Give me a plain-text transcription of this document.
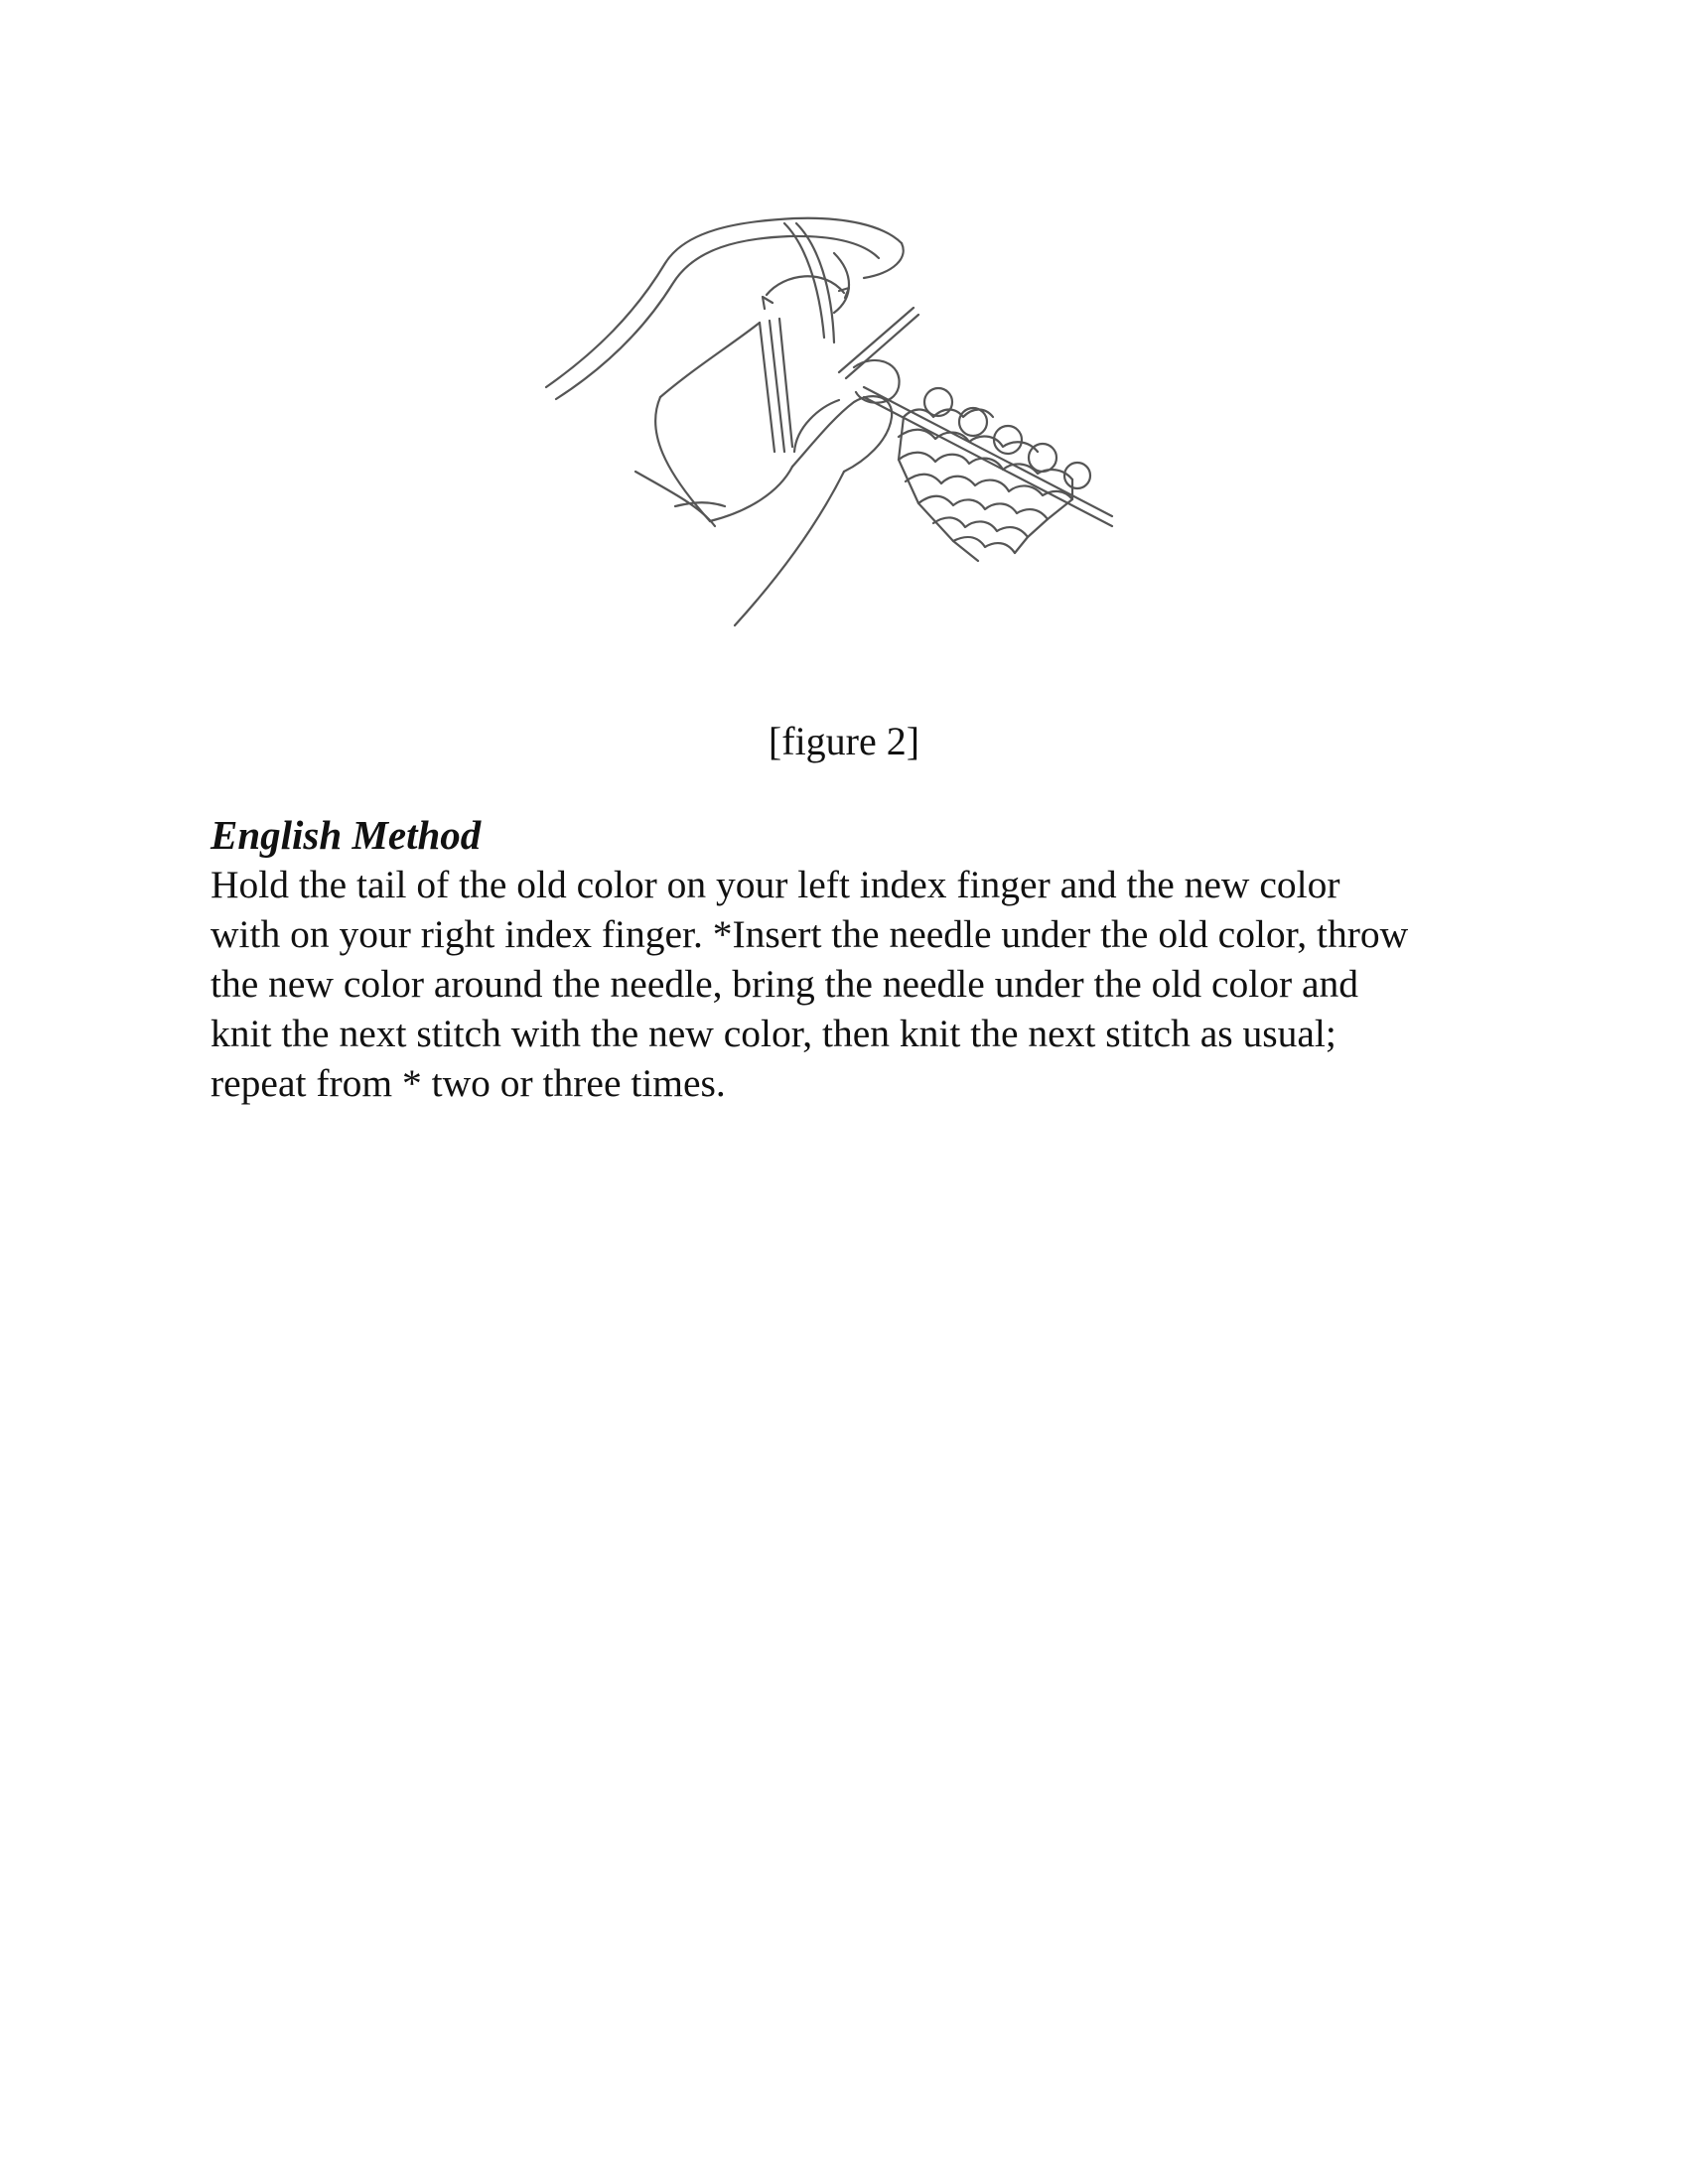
[figure 2]
English Method

Hold the tail of the old color on your left index finger and the new color
with on your right index finger. *Insert the needle under the old color, throw
the new color around the needle, bring the needle under the old color and
knit the next stitch with the new color, then knit the next stitch as usual;
repeat from * two or three times.
